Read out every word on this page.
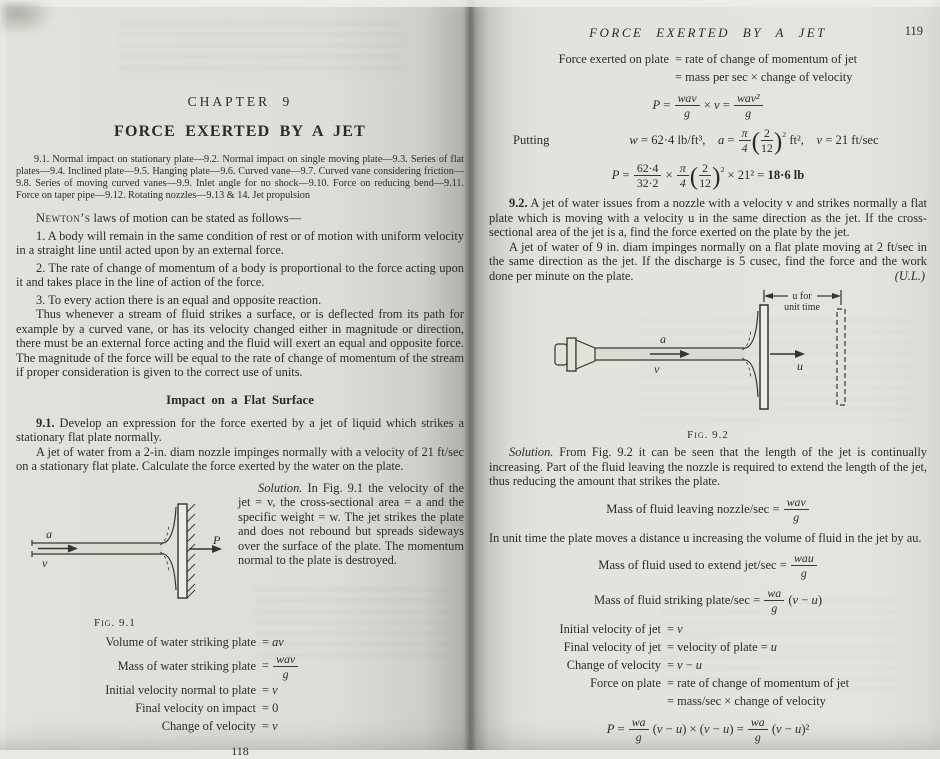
CHAPTER 9
FORCE EXERTED BY A JET
9.1. Normal impact on stationary plate—9.2. Normal impact on single moving plate—9.3. Series of flat plates—9.4. Inclined plate—9.5. Hanging plate—9.6. Curved vane—9.7. Curved vane considering friction—9.8. Series of moving curved vanes—9.9. Inlet angle for no shock—9.10. Force on reducing bend—9.11. Force on taper pipe—9.12. Rotating nozzles—9.13 & 14. Jet propulsion

Newton’s laws of motion can be stated as follows—

1. A body will remain in the same condition of rest or of motion with uniform velocity in a straight line until acted upon by an external force.

2. The rate of change of momentum of a body is proportional to the force acting upon it and takes place in the line of action of the force.

3. To every action there is an equal and opposite reaction.

Thus whenever a stream of fluid strikes a surface, or is deflected from its path for example by a curved vane, or has its velocity changed either in magnitude or direction, there must be an external force acting and the fluid will exert an equal and opposite force. The magnitude of the force will be equal to the rate of change of momentum of the stream if proper consideration is given to the correct use of units.

Impact on a Flat Surface

9.1. Develop an expression for the force exerted by a jet of liquid which strikes a stationary flat plate normally.

A jet of water from a 2-in. diam nozzle impinges normally with a velocity of 21 ft/sec on a stationary flat plate. Calculate the force exerted by the water on the plate.

a
v
P
Fig. 9.1

Solution. In Fig. 9.1 the velocity of the jet = v, the cross-sectional area = a and the specific weight = w. The jet strikes the plate and does not rebound but spreads sideways over the surface of the plate. The momentum normal to the plate is destroyed.

Volume of water striking plate = av
Mass of water striking plate = $\frac{\text{wav}}{g}$
Initial velocity normal to plate = v
Final velocity on impact = 0
Change of velocity = v
118
FORCE EXERTED BY A JET	119
Force exerted on plate = rate of change of momentum of jet
= mass per sec × change of velocity
$P = \frac{\text{wav}}{g} \times v = \frac{\text{wav²}}{g}$
Putting	w = 62·4 lb/ft³,    $a = \frac{\pi}{4}$ ( $\frac{2}{12} )^2$ ft²,    v = 21 ft/sec
$P = \frac{62\cdot 4}{32\cdot 2} \times \frac{\pi}{4}$ ( $\frac{2}{12} )^2 \times 21^2 = 18\cdot 6$ lb

9.2. A jet of water issues from a nozzle with a velocity v and strikes normally a flat plate which is moving with a velocity u in the same direction as the jet. If the cross-sectional area of the jet is a, find the force exerted on the plate by the jet.

A jet of water of 9 in. diam impinges normally on a flat plate moving at 2 ft/sec in the same direction as the jet. If the discharge is 5 cusec, find the force and the work done per minute on the plate.	(U.L.)

u for
unit time
a
v	u
Fig. 9.2

Solution. From Fig. 9.2 it can be seen that the length of the jet is continually increasing. Part of the fluid leaving the nozzle is required to extend the length of the jet, thus reducing the amount that strikes the plate.

Mass of fluid leaving nozzle/sec = $\frac{\text{wav}}{g}$

In unit time the plate moves a distance u increasing the volume of fluid in the jet by au.

Mass of fluid used to extend $jet/\sec = \frac{\text{wau}}{g}$
Mass of fluid striking plate/sec = $\frac{wa}{g} (v - u)$
Initial velocity of jet = v
Final velocity of jet = velocity of plate = u
Change of velocity = v − u
Force on plate = rate of change of momentum of jet
= mass/sec × change of velocity
$P = \frac{wa}{g} (v - u) \times (v - u) = \frac{wa}{g} (v - u)^2$
